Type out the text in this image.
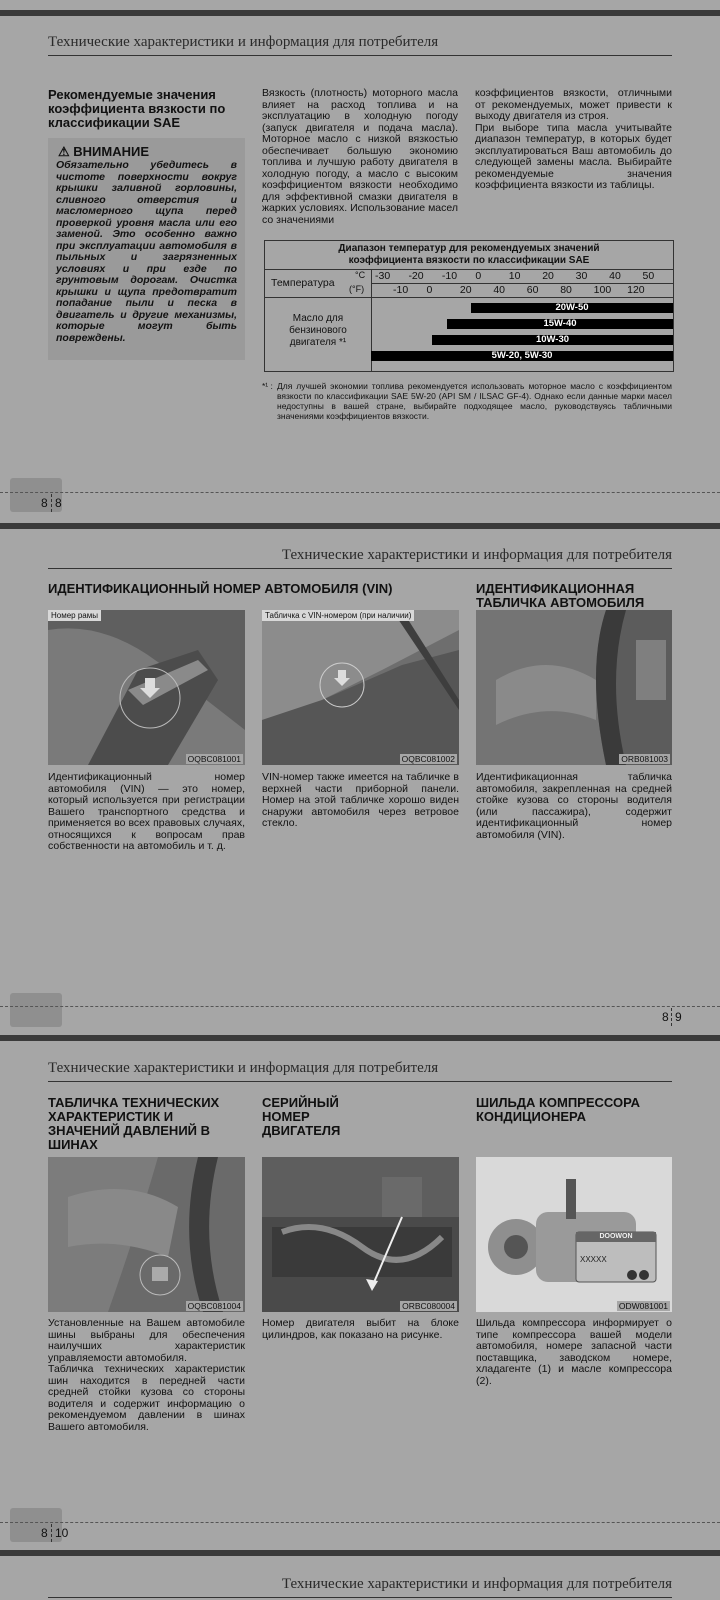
Технические характеристики и информация для потребителя
Рекомендуемые значения коэффициента вязкости по классификации SAE
⚠ ВНИМАНИЕ
Обязательно убедитесь в чистоте поверхности вокруг крышки заливной горловины, сливного отверстия и масломерного щупа перед проверкой уровня масла или его заменой. Это особенно важно при эксплуатации автомобиля в пыльных и загрязненных условиях и при езде по грунтовым дорогам. Очистка крышки и щупа предотвратит попадание пыли и песка в двигатель и другие механизмы, которые могут быть повреждены.
Вязкость (плотность) моторного масла влияет на расход топлива и на эксплуатацию в холодную погоду (запуск двигателя и подача масла). Моторное масло с низкой вязкостью обеспечивает большую экономию топлива и лучшую работу двигателя в холодную погоду, а масло с высоким коэффициентом вязкости необходимо для эффективной смазки двигателя в жарких условиях. Использование масел со значениями
коэффициентов вязкости, отличными от рекомендуемых, может привести к выходу двигателя из строя.
При выборе типа масла учитывайте диапазон температур, в которых будет эксплуатироваться Ваш автомобиль до следующей замены масла. Выбирайте рекомендуемые значения коэффициента вязкости из таблицы.
Диапазон температур для рекомендуемых значений коэффициента вязкости по классификации SAE
Температура
°C
(°F)
-30 -20 -10 0	10 20 30 40 50
-10 0	20 40 60 80 100 120
Масло для бензинового двигателя *¹
20W-50
15W-40
10W-30
5W-20, 5W-30
*¹ : Для лучшей экономии топлива рекомендуется использовать моторное масло с коэффициентом вязкости по классификации SAE 5W-20 (API SM / ILSAC GF-4). Однако если данные марки масел недоступны в вашей стране, выбирайте подходящее масло, руководствуясь табличными значениями коэффициентов вязкости.
8 8
Технические характеристики и информация для потребителя
ИДЕНТИФИКАЦИОННЫЙ НОМЕР АВТОМОБИЛЯ (VIN)	ИДЕНТИФИКАЦИОННАЯ ТАБЛИЧКА АВТОМОБИЛЯ
Номер рамы
OQBC081001
Табличка с VIN-номером (при наличии)
OQBC081002	ORB081003
Идентификационный номер автомобиля (VIN) — это номер, который используется при регистрации Вашего транспортного средства и применяется во всех правовых случаях, относящихся к вопросам прав собственности на автомобиль и т. д.
VIN-номер также имеется на табличке в верхней части приборной панели. Номер на этой табличке хорошо виден снаружи автомобиля через ветровое стекло.
Идентификационная табличка автомобиля, закрепленная на средней стойке кузова со стороны водителя (или пассажира), содержит идентификационный номер автомобиля (VIN).
8 9
Технические характеристики и информация для потребителя
ТАБЛИЧКА ТЕХНИЧЕСКИХ ХАРАКТЕРИСТИК И ЗНАЧЕНИЙ ДАВЛЕНИЙ В ШИНАХ
СЕРИЙНЫЙ НОМЕР ДВИГАТЕЛЯ
ШИЛЬДА КОМПРЕССОРА КОНДИЦИОНЕРА
OQBC081004	ORBC080004
DOOWON
XXXXX
ODW081001
Установленные на Вашем автомобиле шины выбраны для обеспечения наилучших характеристик управляемости автомобиля.
Табличка технических характеристик шин находится в передней части средней стойки кузова со стороны водителя и содержит информацию о рекомендуемом давлении в шинах Вашего автомобиля.
Номер двигателя выбит на блоке цилиндров, как показано на рисунке.
Шильда компрессора информирует о типе компрессора вашей модели автомобиля, номере запасной части поставщика, заводском номере, хладагенте (1) и масле компрессора (2).
8 10
Технические характеристики и информация для потребителя
